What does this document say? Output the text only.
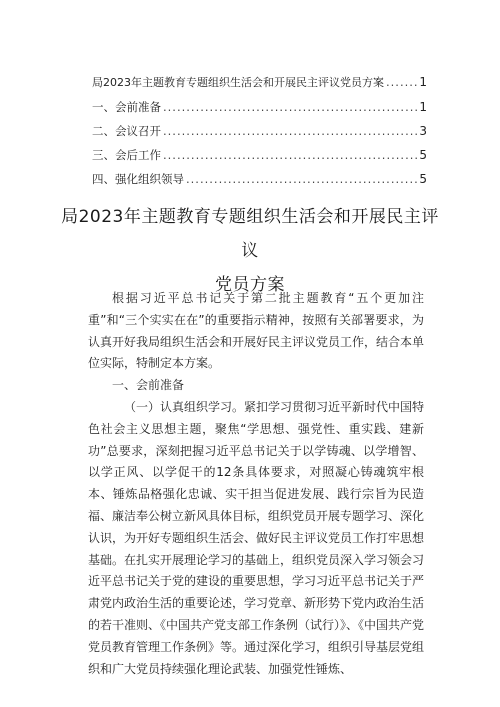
局2023年主题教育专题组织生活会和开展民主评议党员方案 .....	1
一、会前准备 .....	1
二、会议召开 .....	3
三、会后工作 .....	5
四、强化组织领导 .....	5
局2023年主题教育专题组织生活会和开展民主评议
党员方案

根据习近平总书记关于第二批主题教育“五个更加注重”和“三个实实在在”的重要指示精神，按照有关部署要求，为认真开好我局组织生活会和开展好民主评议党员工作，结合本单位实际，特制定本方案。

一、会前准备

（一）认真组织学习。紧扣学习贯彻习近平新时代中国特色社会主义思想主题，聚焦“学思想、强党性、重实践、建新功”总要求，深刻把握习近平总书记关于以学铸魂、以学增智、以学正风、以学促干的12条具体要求，对照凝心铸魂筑牢根本、锤炼品格强化忠诚、实干担当促进发展、践行宗旨为民造福、廉洁奉公树立新风具体目标，组织党员开展专题学习、深化认识，为开好专题组织生活会、做好民主评议党员工作打牢思想基础。在扎实开展理论学习的基础上，组织党员深入学习领会习近平总书记关于党的建设的重要思想，学习习近平总书记关于严肃党内政治生活的重要论述，学习党章、新形势下党内政治生活的若干准则、《中国共产党支部工作条例（试行）》、《中国共产党党员教育管理工作条例》等。通过深化学习，组织引导基层党组织和广大党员持续强化理论武装、加强党性锤炼、
